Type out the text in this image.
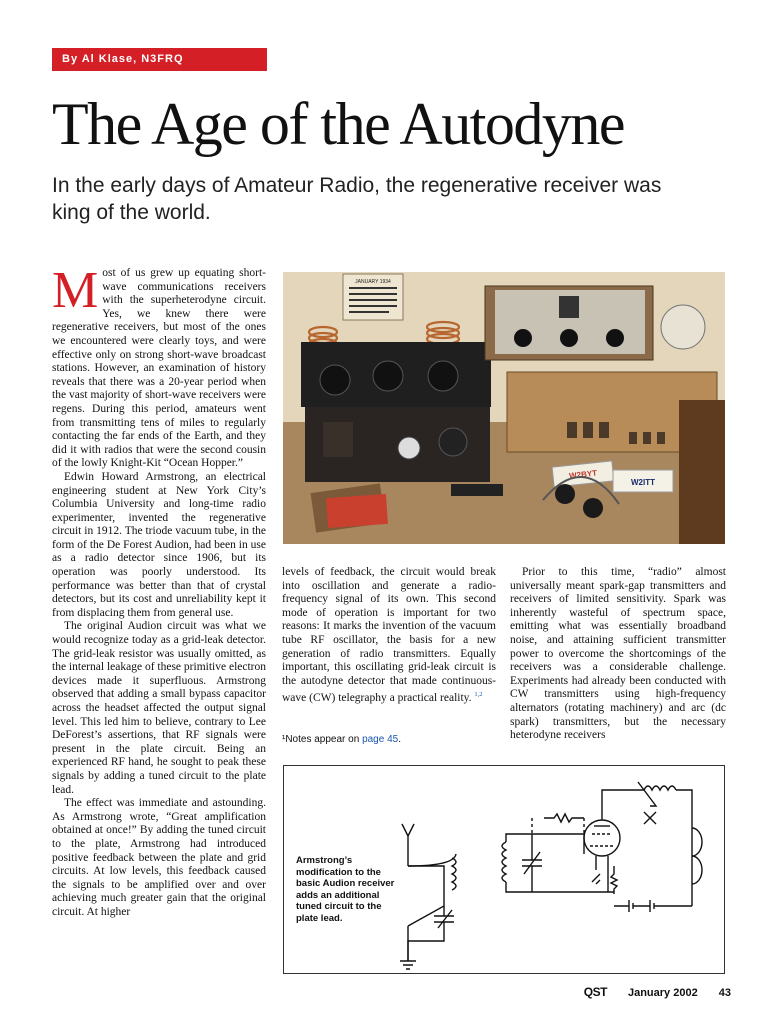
By Al Klase, N3FRQ
The Age of the Autodyne
In the early days of Amateur Radio, the regenerative receiver was king of the world.

Most of us grew up equating short-wave communications receivers with the superheterodyne circuit. Yes, we knew there were regenerative receivers, but most of the ones we encountered were clearly toys, and were effective only on strong short-wave broadcast stations. However, an examination of history reveals that there was a 20-year period when the vast majority of short-wave receivers were regens. During this period, amateurs went from transmitting tens of miles to regularly contacting the far ends of the Earth, and they did it with radios that were the second cousin of the lowly Knight-Kit “Ocean Hopper.”

Edwin Howard Armstrong, an electrical engineering student at New York City’s Columbia University and long-time radio experimenter, invented the regenerative circuit in 1912. The triode vacuum tube, in the form of the De Forest Audion, had been in use as a radio detector since 1906, but its operation was poorly understood. Its performance was better than that of crystal detectors, but its cost and unreliability kept it from displacing them from general use.

The original Audion circuit was what we would recognize today as a grid-leak detector. The grid-leak resistor was usually omitted, as the internal leakage of these primitive electron devices made it superfluous. Armstrong observed that adding a small bypass capacitor across the headset affected the output signal level. This led him to believe, contrary to Lee DeForest’s assertions, that RF signals were present in the plate circuit. Being an experienced RF hand, he sought to peak these signals by adding a tuned circuit to the plate lead.

The effect was immediate and astounding. As Armstrong wrote, “Great amplification obtained at once!” By adding the tuned circuit to the plate, Armstrong had introduced positive feedback between the plate and grid circuits. At low levels, this feedback caused the signals to be amplified over and over achieving much greater gain that the original circuit. At higher

JANUARY 1934
W2BYT
W2ITT

levels of feedback, the circuit would break into oscillation and generate a radio-frequency signal of its own. This second mode of operation is important for two reasons: It marks the invention of the vacuum tube RF oscillator, the basis for a new generation of radio transmitters. Equally important, this oscillating grid-leak circuit is the autodyne detector that made continuous-wave (CW) telegraphy a practical reality. $^{1,2}$

¹Notes appear on page 45.

Prior to this time, “radio” almost universally meant spark-gap transmitters and receivers of limited sensitivity. Spark was inherently wasteful of spectrum space, emitting what was essentially broadband noise, and attaining sufficient transmitter power to overcome the shortcomings of the receivers was a considerable challenge. Experiments had already been conducted with CW transmitters using high-frequency alternators (rotating machinery) and arc (dc spark) transmitters, but the necessary heterodyne receivers

Armstrong’s modification to the basic Audion receiver adds an additional tuned circuit to the plate lead.
QST January 2002 43
